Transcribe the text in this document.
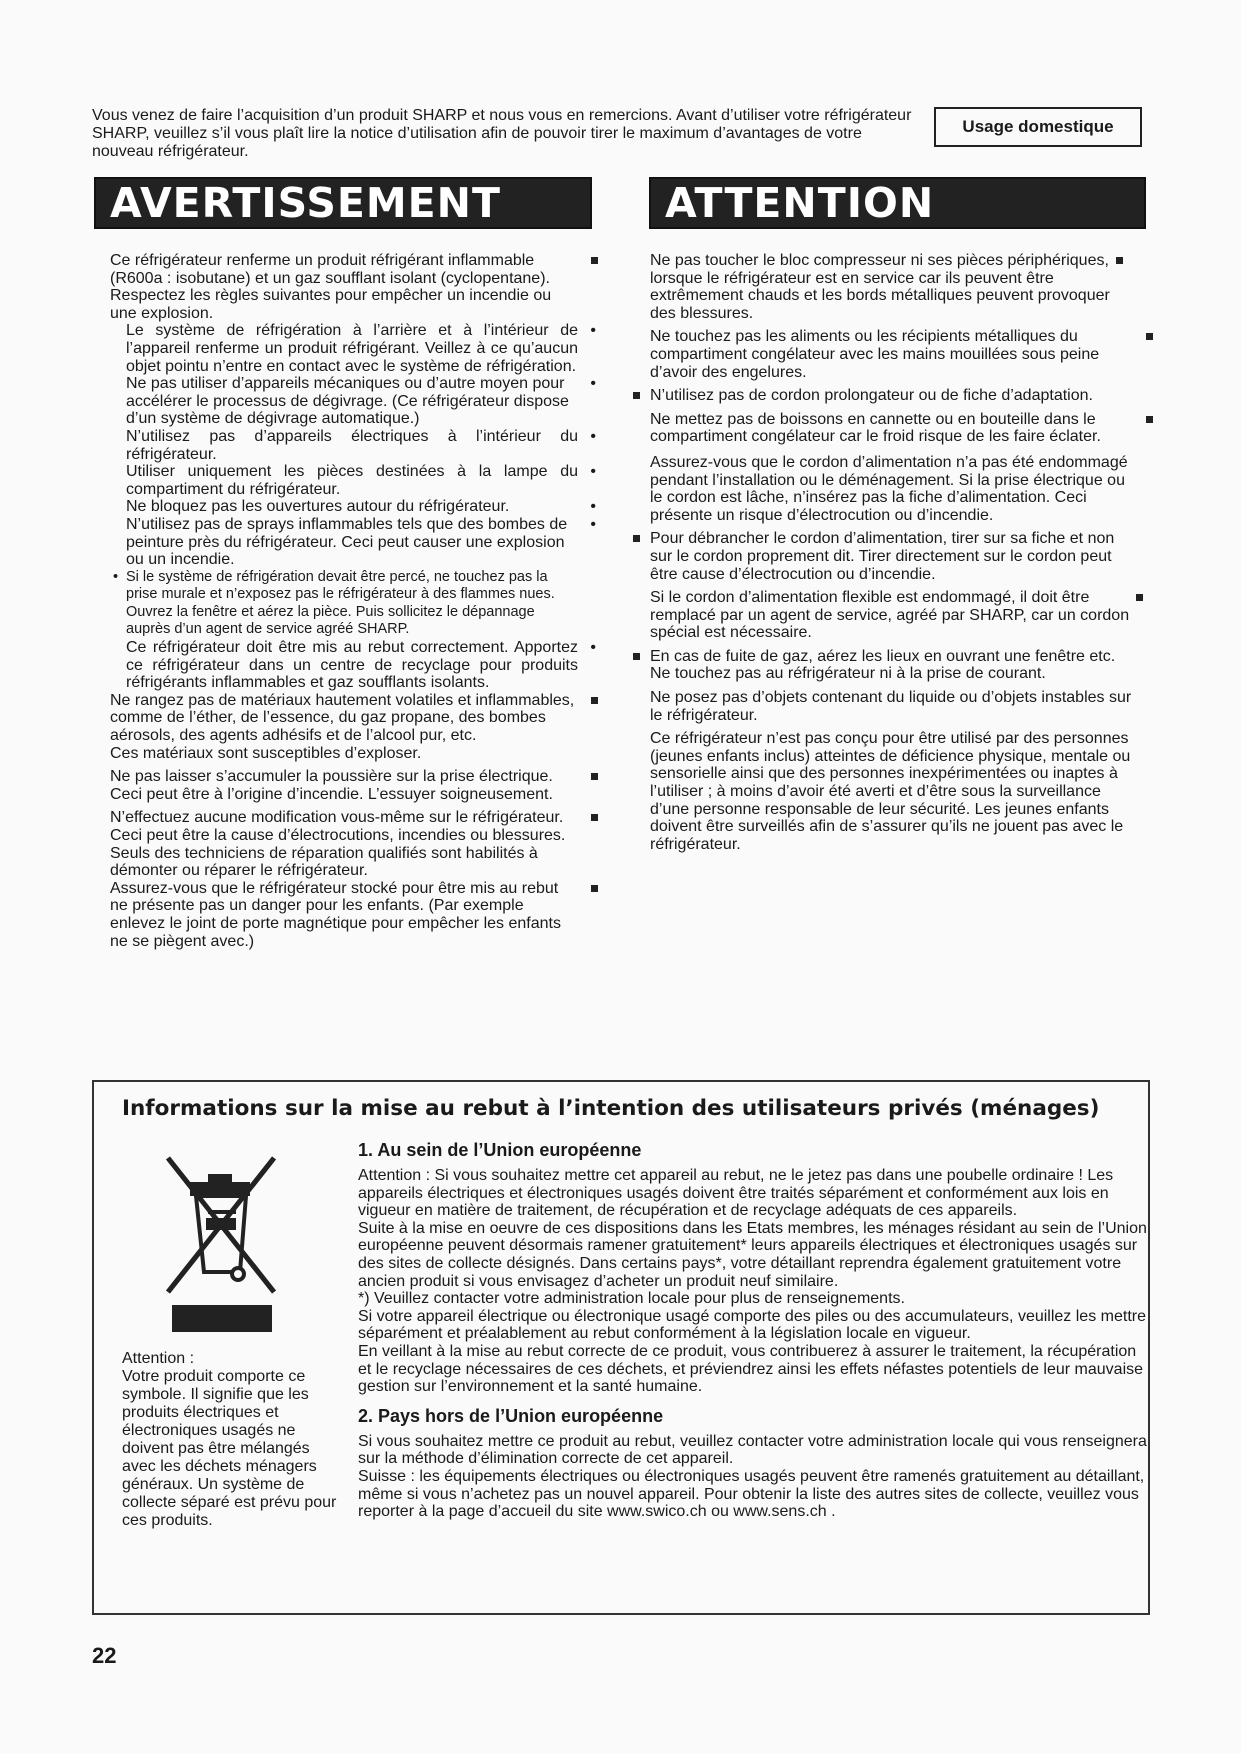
Vous venez de faire l’acquisition d’un produit SHARP et nous vous en remercions. Avant d’utiliser votre réfrigérateur SHARP, veuillez s’il vous plaît lire la notice d’utilisation afin de pouvoir tirer le maximum d’avantages de votre nouveau réfrigérateur.

Usage domestique
AVERTISSEMENT	ATTENTION

Ce réfrigérateur renferme un produit réfrigérant inflammable (R600a : isobutane) et un gaz soufflant isolant (cyclopentane). Respectez les règles suivantes pour empêcher un incendie ou une explosion.

Le système de réfrigération à l’arrière et à l’intérieur de l’appareil renferme un produit réfrigérant. Veillez à ce qu’aucun objet pointu n’entre en contact avec le système de réfrigération.
•

Ne pas utiliser d’appareils mécaniques ou d’autre moyen pour accélérer le processus de dégivrage. (Ce réfrigérateur dispose d’un système de dégivrage automatique.)
•

N’utilisez pas d’appareils électriques à l’intérieur du réfrigérateur.
•

Utiliser uniquement les pièces destinées à la lampe du compartiment du réfrigérateur.
•

Ne bloquez pas les ouvertures autour du réfrigérateur.	•

N’utilisez pas de sprays inflammables tels que des bombes de peinture près du réfrigérateur. Ceci peut causer une explosion ou un incendie.
•

• Si le système de réfrigération devait être percé, ne touchez pas la prise murale et n’exposez pas le réfrigérateur à des flammes nues. Ouvrez la fenêtre et aérez la pièce. Puis sollicitez le dépannage auprès d’un agent de service agréé SHARP.

Ce réfrigérateur doit être mis au rebut correctement. Apportez ce réfrigérateur dans un centre de recyclage pour produits réfrigérants inflammables et gaz soufflants isolants.
•

Ne rangez pas de matériaux hautement volatiles et inflammables, comme de l’éther, de l’essence, du gaz propane, des bombes aérosols, des agents adhésifs et de l’alcool pur, etc.

Ces matériaux sont susceptibles d’exploser.

Ne pas laisser s’accumuler la poussière sur la prise électrique. Ceci peut être à l’origine d’incendie. L’essuyer soigneusement.

N’effectuez aucune modification vous-même sur le réfrigérateur. Ceci peut être la cause d’électrocutions, incendies ou blessures. Seuls des techniciens de réparation qualifiés sont habilités à démonter ou réparer le réfrigérateur.

Assurez-vous que le réfrigérateur stocké pour être mis au rebut ne présente pas un danger pour les enfants. (Par exemple enlevez le joint de porte magnétique pour empêcher les enfants ne se piègent avec.)

Ne pas toucher le bloc compresseur ni ses pièces périphériques, lorsque le réfrigérateur est en service car ils peuvent être extrêmement chauds et les bords métalliques peuvent provoquer des blessures.

Ne touchez pas les aliments ou les récipients métalliques du compartiment congélateur avec les mains mouillées sous peine d’avoir des engelures.

N’utilisez pas de cordon prolongateur ou de fiche d’adaptation.

Ne mettez pas de boissons en cannette ou en bouteille dans le compartiment congélateur car le froid risque de les faire éclater.

Assurez-vous que le cordon d’alimentation n’a pas été endommagé pendant l’installation ou le déménagement. Si la prise électrique ou le cordon est lâche, n’insérez pas la fiche d’alimentation. Ceci présente un risque d’électrocution ou d’incendie.

Pour débrancher le cordon d’alimentation, tirer sur sa fiche et non sur le cordon proprement dit. Tirer directement sur le cordon peut être cause d’électrocution ou d’incendie.

Si le cordon d’alimentation flexible est endommagé, il doit être remplacé par un agent de service, agréé par SHARP, car un cordon spécial est nécessaire.

En cas de fuite de gaz, aérez les lieux en ouvrant une fenêtre etc. Ne touchez pas au réfrigérateur ni à la prise de courant.

Ne posez pas d’objets contenant du liquide ou d’objets instables sur le réfrigérateur.

Ce réfrigérateur n’est pas conçu pour être utilisé par des personnes (jeunes enfants inclus) atteintes de déficience physique, mentale ou sensorielle ainsi que des personnes inexpérimentées ou inaptes à l’utiliser ; à moins d’avoir été averti et d’être sous la surveillance d’une personne responsable de leur sécurité. Les jeunes enfants doivent être surveillés afin de s’assurer qu’ils ne jouent pas avec le réfrigérateur.

Informations sur la mise au rebut à l’intention des utilisateurs privés (ménages)

Attention :

Votre produit comporte ce symbole. Il signifie que les produits électriques et électroniques usagés ne doivent pas être mélangés avec les déchets ménagers généraux. Un système de collecte séparé est prévu pour ces produits.

1. Au sein de l’Union européenne

Attention : Si vous souhaitez mettre cet appareil au rebut, ne le jetez pas dans une poubelle ordinaire ! Les appareils électriques et électroniques usagés doivent être traités séparément et conformément aux lois en vigueur en matière de traitement, de récupération et de recyclage adéquats de ces appareils.

Suite à la mise en oeuvre de ces dispositions dans les Etats membres, les ménages résidant au sein de l’Union européenne peuvent désormais ramener gratuitement* leurs appareils électriques et électroniques usagés sur des sites de collecte désignés. Dans certains pays*, votre détaillant reprendra également gratuitement votre ancien produit si vous envisagez d’acheter un produit neuf similaire.

*) Veuillez contacter votre administration locale pour plus de renseignements.

Si votre appareil électrique ou électronique usagé comporte des piles ou des accumulateurs, veuillez les mettre séparément et préalablement au rebut conformément à la législation locale en vigueur.

En veillant à la mise au rebut correcte de ce produit, vous contribuerez à assurer le traitement, la récupération et le recyclage nécessaires de ces déchets, et préviendrez ainsi les effets néfastes potentiels de leur mauvaise gestion sur l’environnement et la santé humaine.

2. Pays hors de l’Union européenne

Si vous souhaitez mettre ce produit au rebut, veuillez contacter votre administration locale qui vous renseignera sur la méthode d’élimination correcte de cet appareil.

Suisse : les équipements électriques ou électroniques usagés peuvent être ramenés gratuitement au détaillant, même si vous n’achetez pas un nouvel appareil. Pour obtenir la liste des autres sites de collecte, veuillez vous reporter à la page d’accueil du site www.swico.ch ou www.sens.ch .

22
